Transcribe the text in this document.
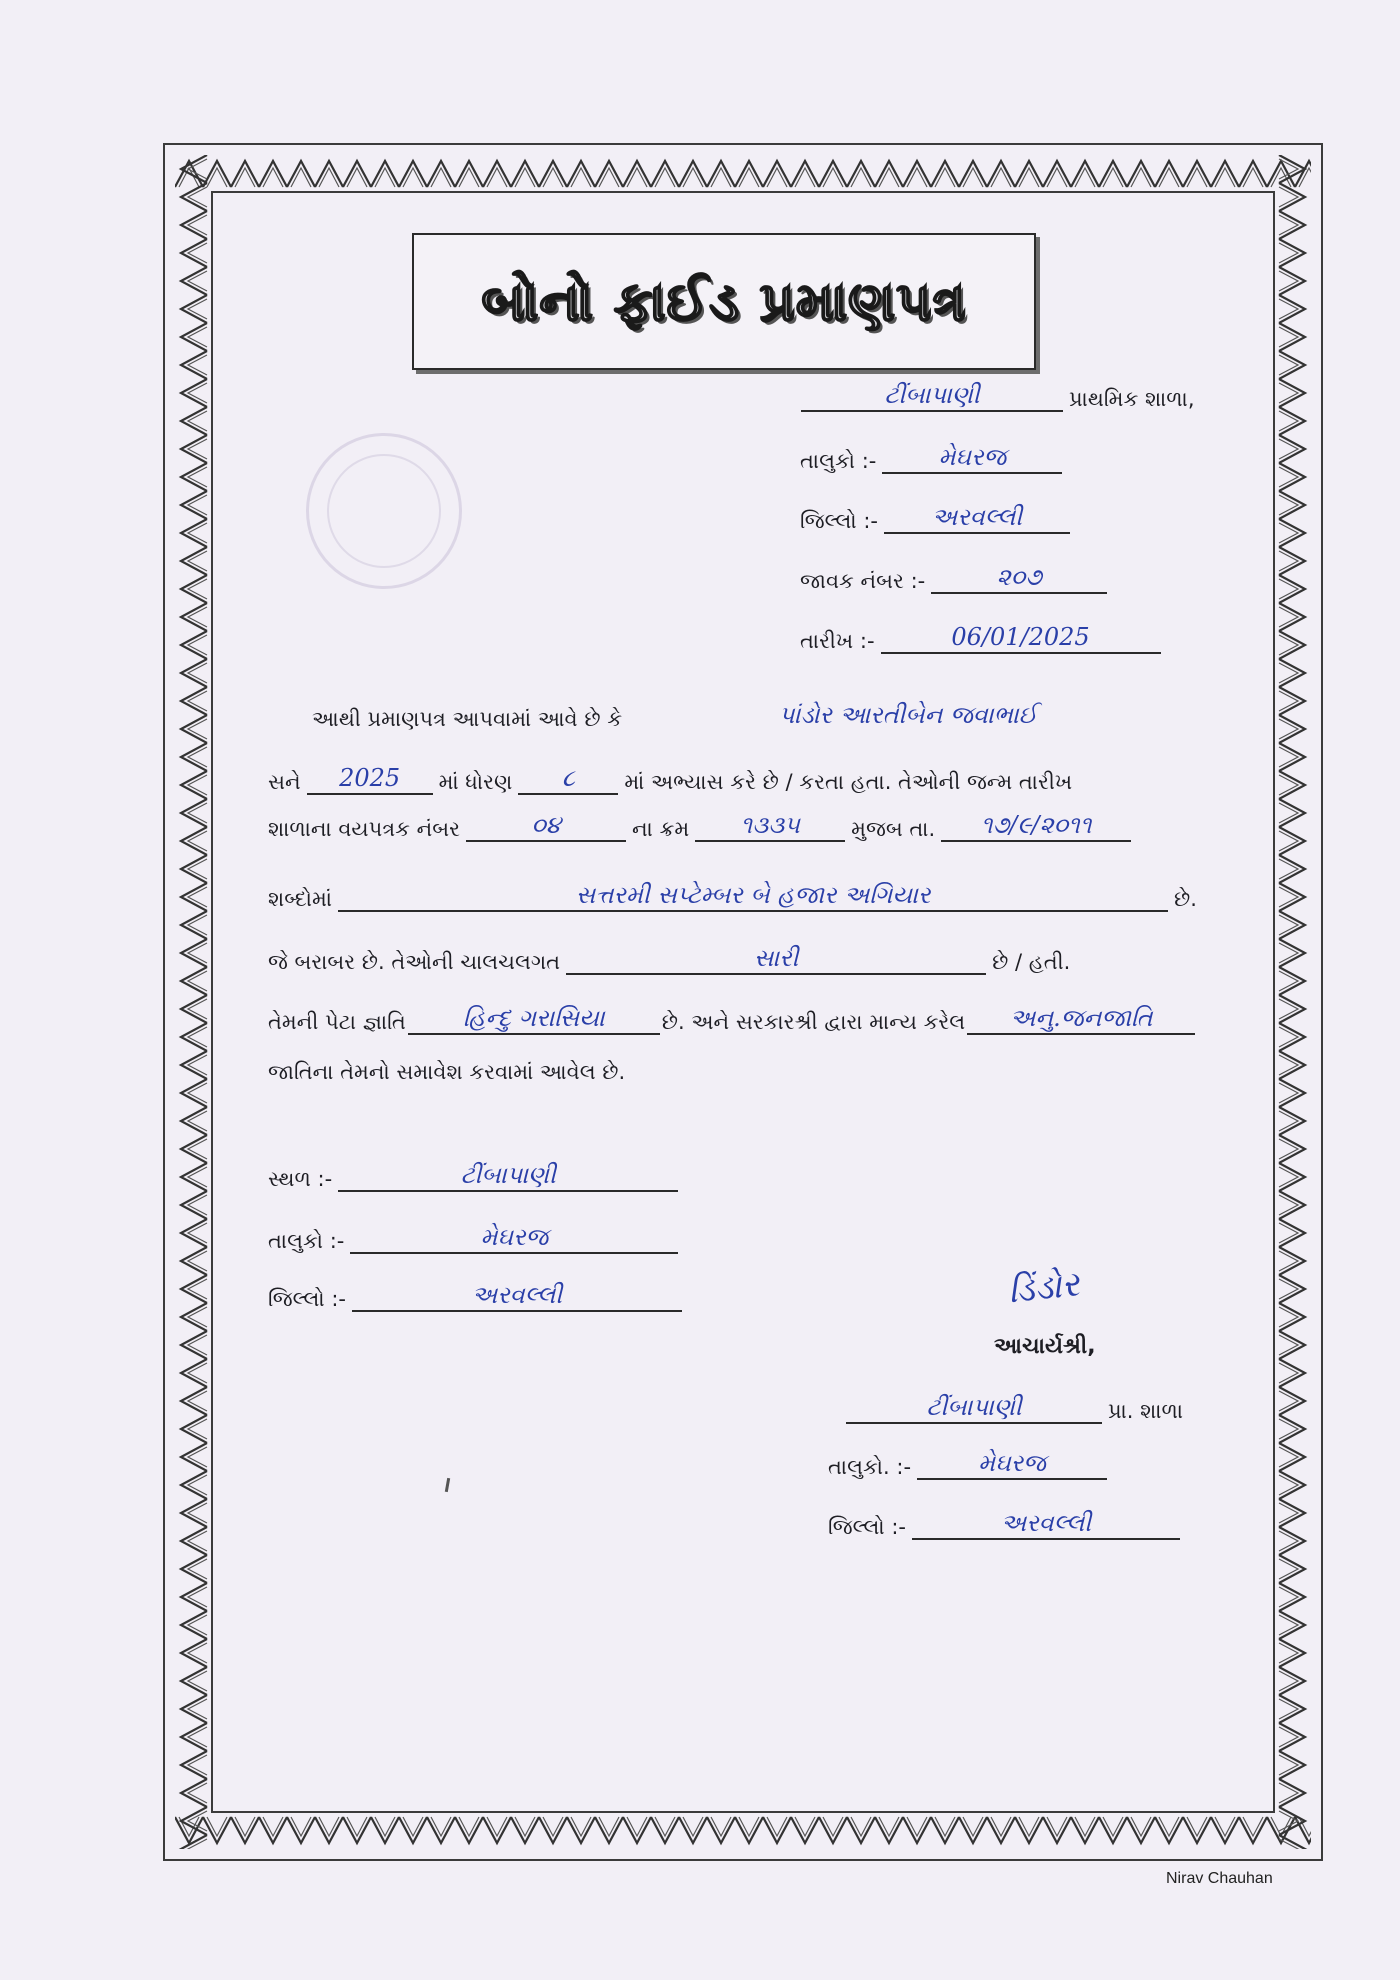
બોનો ફાઈડ પ્રમાણપત્ર
ટીંબાપાણી	પ્રાથમિક શાળા,
તાલુકો :-	મેઘરજ
જિલ્લો :-	અરવલ્લી
જાવક નંબર :-	૨૦૭
તારીખ :-	06/01/2025
આથી પ્રમાણપત્ર આપવામાં આવે છે કે	પાંડોર આરતીબેન જવાભાઈ
સને	2025	માં ધોરણ	૮	માં અભ્યાસ કરે છે / કરતા હતા. તેઓની જન્મ તારીખ
શાળાના વયપત્રક નંબર	૦૪	ના ક્રમ	૧૩૩૫	મુજબ તા.	૧૭/૯/૨૦૧૧
શબ્દોમાં	સત્તરમી સપ્ટેમ્બર બે હજાર અગિયાર	છે.
જે બરાબર છે. તેઓની ચાલચલગત	સારી	છે / હતી.
તેમની પેટા જ્ઞાતિ	હિન્દુ ગરાસિયા	છે. અને સરકારશ્રી દ્વારા માન્ય કરેલ	અનુ.જનજાતિ
જાતિના તેમનો સમાવેશ કરવામાં આવેલ છે.
સ્થળ :-	ટીંબાપાણી
તાલુકો :-	મેઘરજ
જિલ્લો :-	અરવલ્લી	ડિંડોર
આચાર્યશ્રી,
ટીંબાપાણી	પ્રા. શાળા
તાલુકો. :-	મેઘરજ
જિલ્લો :-	અરવલ્લી
Nirav Chauhan
